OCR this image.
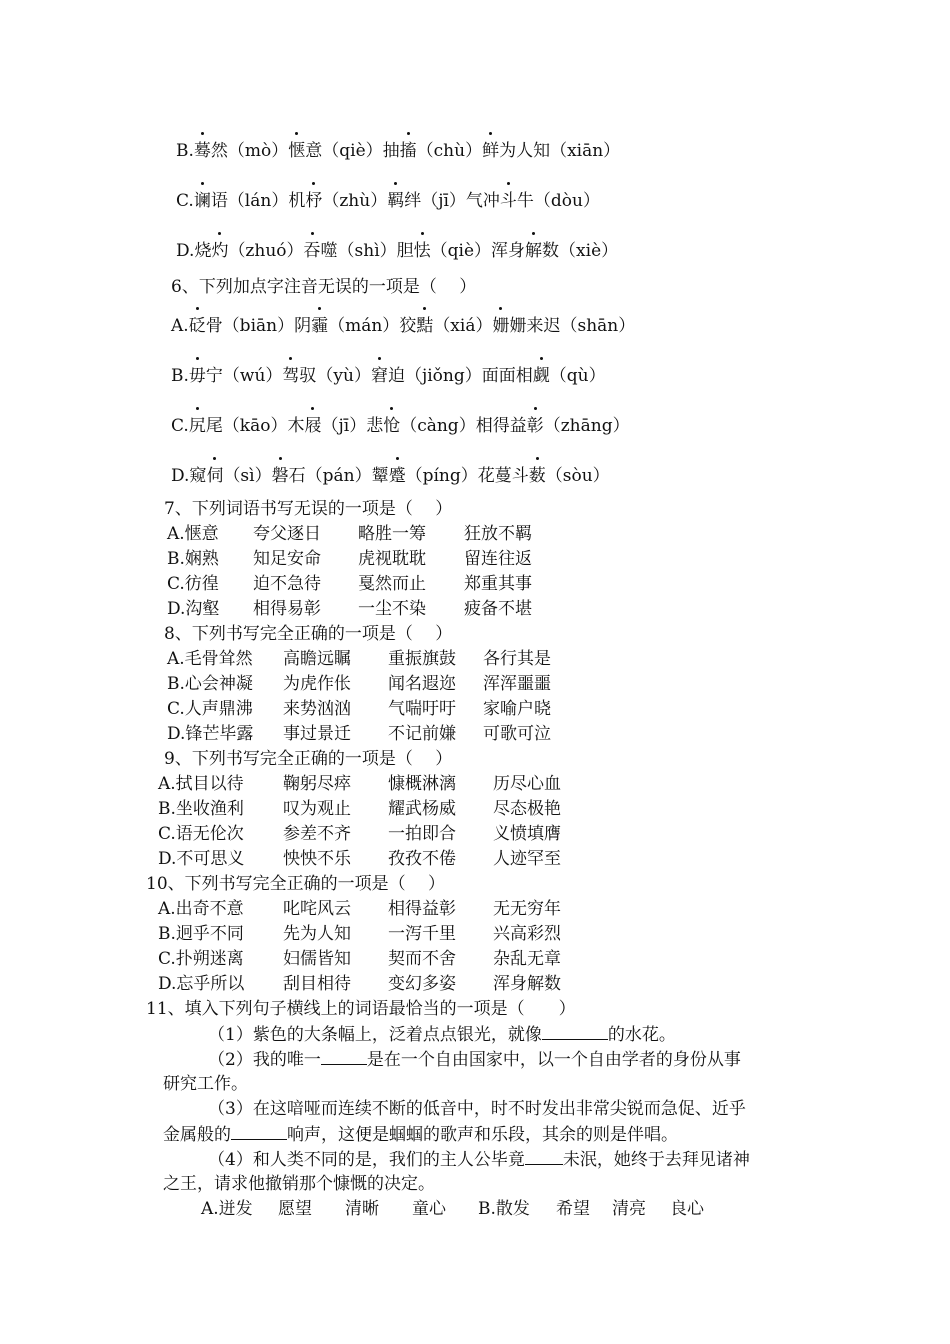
B.蓦然（mò）惬意（qiè）抽搐（chù）鲜为人知（xiān）
C.谰语（lán）机杼（zhù）羁绊（jī）气冲斗牛（dòu）
D.烧灼（zhuó）吞噬（shì）胆怯（qiè）浑身解数（xiè）
6、下列加点字注音无误的一项是（　 ）
A.砭骨（biān）阴霾（mán）狡黠（xiá）姗姗来迟（shān）
B.毋宁（wú）驾驭（yù）窘迫（jiǒng）面面相觑（qù）
C.尻尾（kāo）木屐（jī）悲怆（càng）相得益彰（zhāng）
D.窥伺（sì）磐石（pán）颦蹙（píng）花蔓斗薮（sòu）
7、下列词语书写无误的一项是（　 ）
A.惬意 夸父逐日 略胜一筹 狂放不羁
B.娴熟 知足安命 虎视耽耽 留连往返
C.彷徨 迫不急待 戛然而止 郑重其事
D.沟壑 相得易彰 一尘不染 疲备不堪
8、下列书写完全正确的一项是（　 ）
A.毛骨耸然 高瞻远瞩 重振旗鼓 各行其是
B.心会神凝 为虎作伥 闻名遐迩 浑浑噩噩
C.人声鼎沸 来势汹汹 气喘吁吁 家喻户晓
D.锋芒毕露 事过景迁 不记前嫌 可歌可泣
9、下列书写完全正确的一项是（　 ）
A.拭目以待 鞠躬尽瘁 慷概淋漓 历尽心血
B.坐收渔利 叹为观止 耀武杨威 尽态极艳
C.语无伦次 参差不齐 一拍即合 义愤填膺
D.不可思义 怏怏不乐 孜孜不倦 人迹罕至
10、下列书写完全正确的一项是（　 ）
A.出奇不意 叱咤风云 相得益彰 无无穷年
B.迥乎不同 先为人知 一泻千里 兴高彩烈
C.扑朔迷离 妇儒皆知 契而不舍 杂乱无章
D.忘乎所以 刮目相待 变幻多姿 浑身解数
11、填入下列句子横线上的词语最恰当的一项是（　　）
（1）紫色的大条幅上，泛着点点银光，就像	的水花。
（2）我的唯一	是在一个自由国家中，以一个自由学者的身份从事
研究工作。
（3）在这喑哑而连续不断的低音中，时不时发出非常尖锐而急促、近乎
金属般的	响声，这便是蝈蝈的歌声和乐段，其余的则是伴唱。
（4）和人类不同的是，我们的主人公毕竟 未泯，她终于去拜见诸神
之王，请求他撤销那个慷慨的决定。
A.迸发 愿望 清晰 童心 B.散发 希望 清亮 良心
